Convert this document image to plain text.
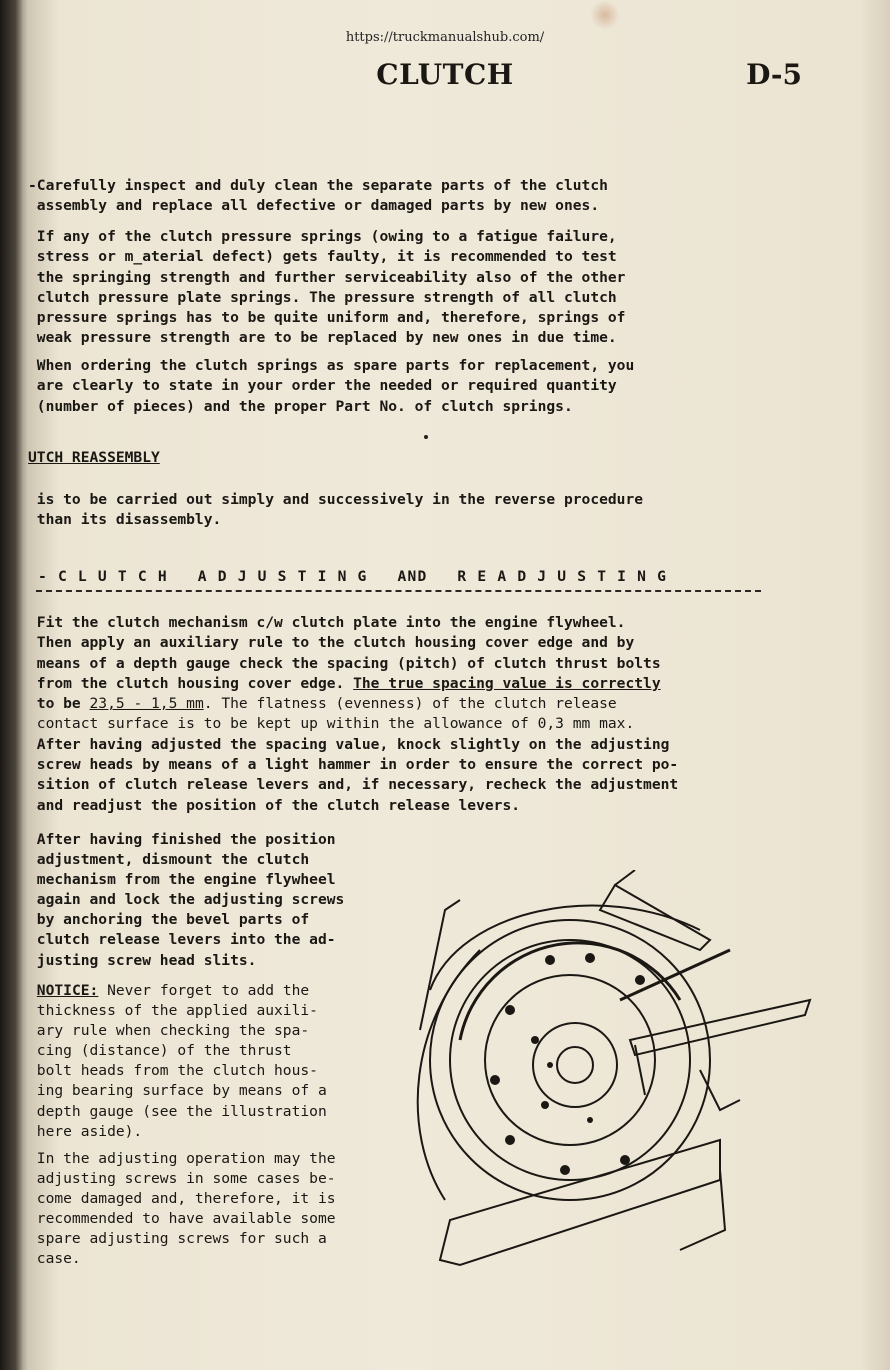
https://truckmanualshub.com/
CLUTCH	D-5
-Carefully inspect and duly clean the separate parts of the clutch
assembly and replace all defective or damaged parts by new ones.
If any of the clutch pressure springs (owing to a fatigue failure,
stress or m_aterial defect) gets faulty, it is recommended to test
the springing strength and further serviceability also of the other
clutch pressure plate springs. The pressure strength of all clutch
pressure springs has to be quite uniform and, therefore, springs of
weak pressure strength are to be replaced by new ones in due time.
When ordering the clutch springs as spare parts for replacement, you
are clearly to state in your order the needed or required quantity
(number of pieces) and the proper Part No. of clutch springs.
UTCH REASSEMBLY
is to be carried out simply and successively in the reverse procedure
than its disassembly.
- C L U T C H   A D J U S T I N G   AND   R E A D J U S T I N G
Fit the clutch mechanism c/w clutch plate into the engine flywheel.
Then apply an auxiliary rule to the clutch housing cover edge and by
means of a depth gauge check the spacing (pitch) of clutch thrust bolts
from the clutch housing cover edge. The true spacing value is correctly
to be 23,5 - 1,5 mm. The flatness (evenness) of the clutch release
contact surface is to be kept up within the allowance of 0,3 mm max.
After having adjusted the spacing value, knock slightly on the adjusting
screw heads by means of a light hammer in order to ensure the correct po-
sition of clutch release levers and, if necessary, recheck the adjustment
and readjust the position of the clutch release levers.
After having finished the position
adjustment, dismount the clutch
mechanism from the engine flywheel
again and lock the adjusting screws
by anchoring the bevel parts of
clutch release levers into the ad-
justing screw head slits.
NOTICE: Never forget to add the
thickness of the applied auxili-
ary rule when checking the spa-
cing (distance) of the thrust
bolt heads from the clutch hous-
ing bearing surface by means of a
depth gauge (see the illustration
here aside).
In the adjusting operation may the
adjusting screws in some cases be-
come damaged and, therefore, it is
recommended to have available some
spare adjusting screws for such a
case.
